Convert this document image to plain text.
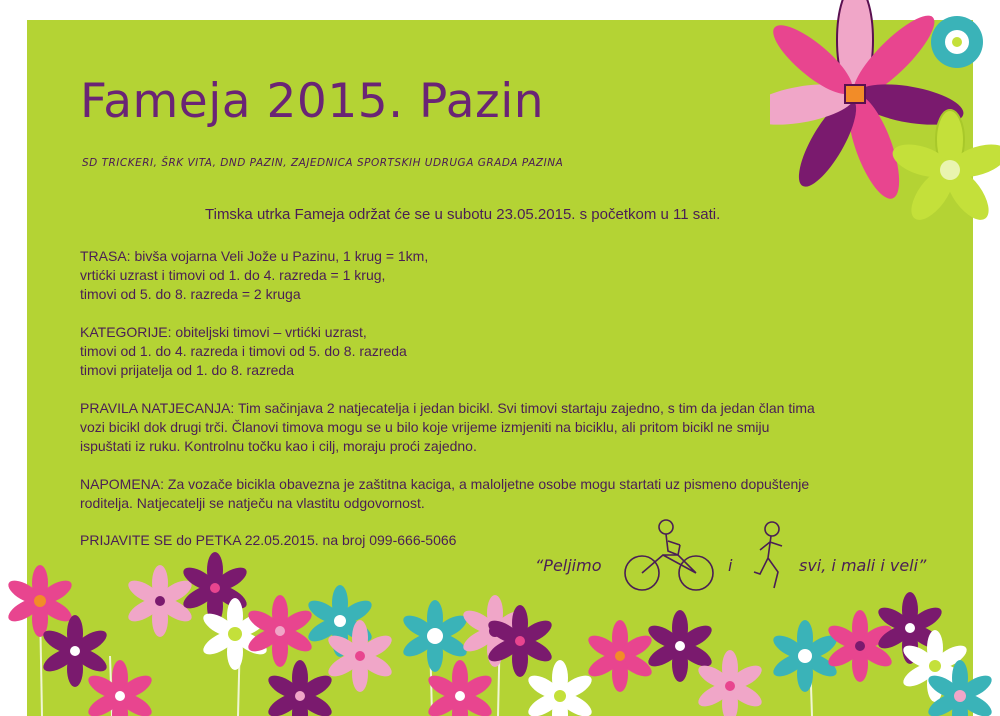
Fameja 2015. Pazin
SD TRICKERI, ŠRK VITA, DND PAZIN, ZAJEDNICA SPORTSKIH UDRUGA GRADA PAZINA

Timska utrka Fameja održat će se u subotu 23.05.2015. s početkom u 11 sati.

TRASA: bivša vojarna Veli Jože u Pazinu, 1 krug = 1km,
vrtićki uzrast i timovi od 1. do 4. razreda = 1 krug,
timovi od 5. do 8. razreda = 2 kruga

KATEGORIJE: obiteljski timovi – vrtićki uzrast,
timovi od 1. do 4. razreda i timovi od 5. do 8. razreda
timovi prijatelja od 1. do 8. razreda

PRAVILA NATJECANJA: Tim sačinjava 2 natjecatelja i jedan bicikl. Svi timovi startaju zajedno, s tim da jedan član tima
vozi bicikl dok drugi trči. Članovi timova mogu se u bilo koje vrijeme izmjeniti na biciklu, ali pritom bicikl ne smiju
ispuštati iz ruku. Kontrolnu točku kao i cilj, moraju proći zajedno.

NAPOMENA: Za vozače bicikla obavezna je zaštitna kaciga, a maloljetne osobe mogu startati uz pismeno dopuštenje
roditelja. Natjecatelji se natječu na vlastitu odgovornost.

PRIJAVITE SE do PETKA 22.05.2015. na broj 099-666-5066

“Peljimo	i	svi, i mali i veli”
